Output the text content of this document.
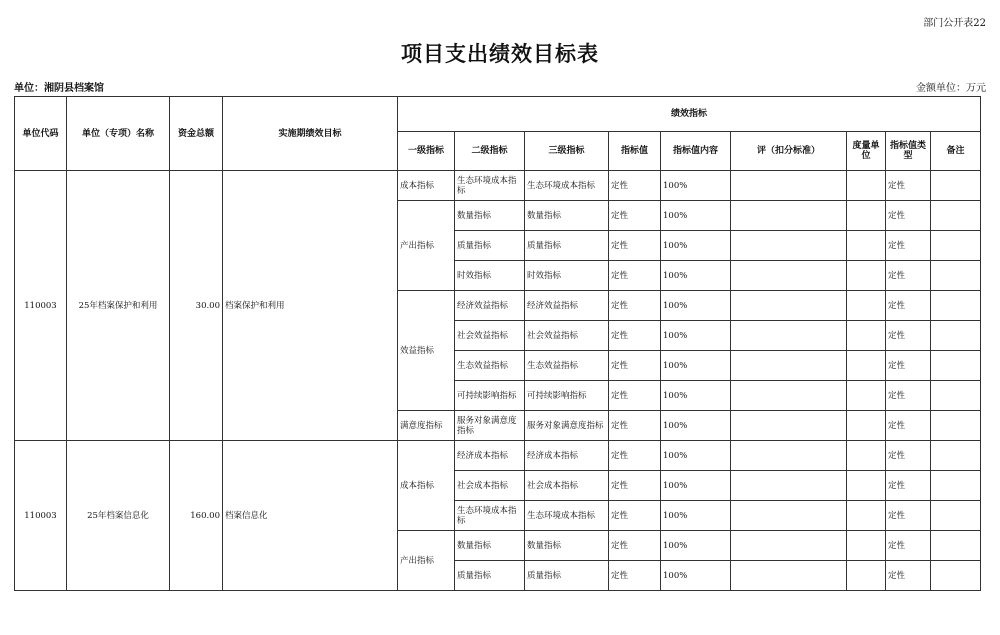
部门公开表22
项目支出绩效目标表
单位：湘阴县档案馆	金额单位：万元
单位代码	单位（专项）名称	资金总额	实施期绩效目标	绩效指标								
				一级指标	二级指标	三级指标	指标值	指标值内容	评（扣分标准）	度量单位	指标值类型	备注
110003	25年档案保护和利用	30.00	档案保护和利用	成本指标	生态环境成本指标	生态环境成本指标	定性	100%			定性	
				产出指标	数量指标	数量指标	定性	100%			定性	
					质量指标	质量指标	定性	100%			定性	
					时效指标	时效指标	定性	100%			定性	
				效益指标	经济效益指标	经济效益指标	定性	100%			定性	
					社会效益指标	社会效益指标	定性	100%			定性	
					生态效益指标	生态效益指标	定性	100%			定性	
					可持续影响指标	可持续影响指标	定性	100%			定性	
				满意度指标	服务对象满意度指标	服务对象满意度指标	定性	100%			定性	
110003	25年档案信息化	160.00	档案信息化	成本指标	经济成本指标	经济成本指标	定性	100%			定性	
					社会成本指标	社会成本指标	定性	100%			定性	
					生态环境成本指标	生态环境成本指标	定性	100%			定性	
				产出指标	数量指标	数量指标	定性	100%			定性	
					质量指标	质量指标	定性	100%			定性	
